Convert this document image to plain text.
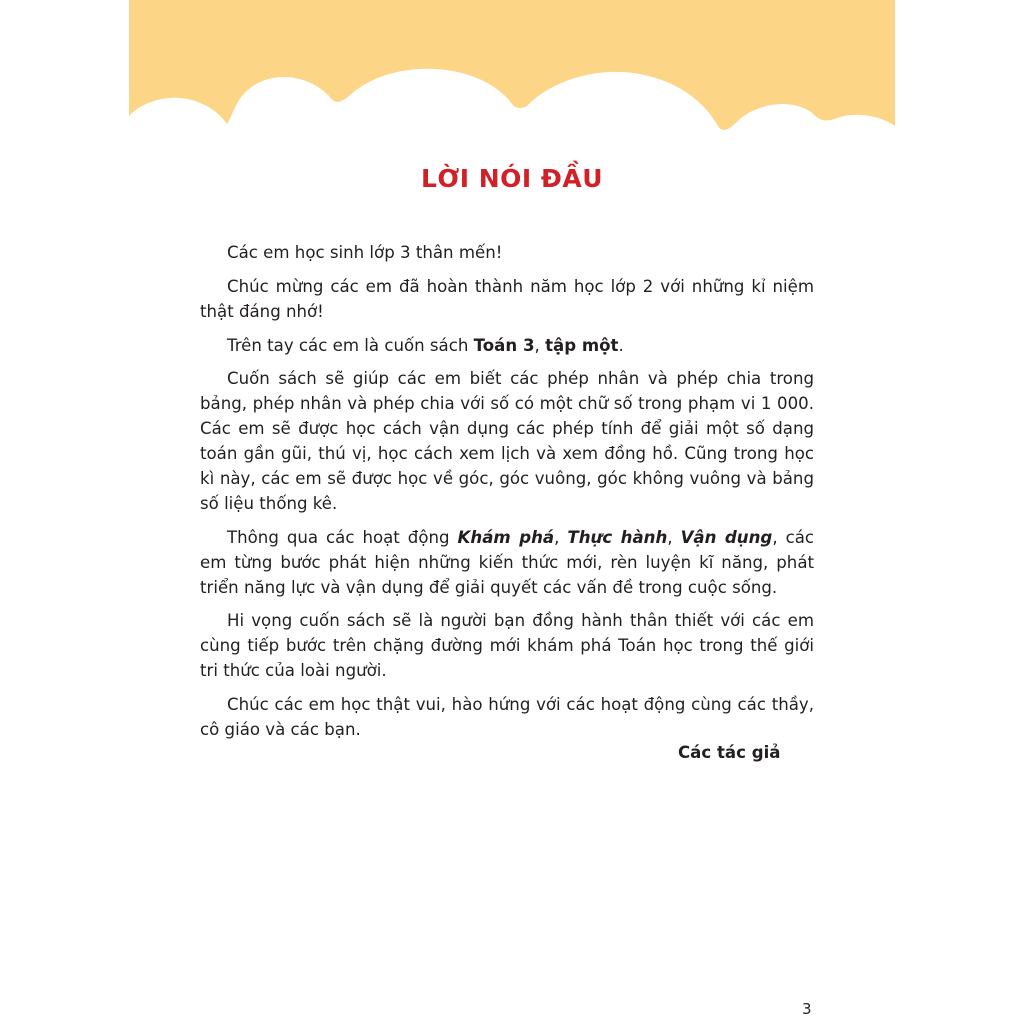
LỜI NÓI ĐẦU

Các em học sinh lớp 3 thân mến!

Chúc mừng các em đã hoàn thành năm học lớp 2 với những kỉ niệm thật đáng nhớ!

Trên tay các em là cuốn sách Toán 3, tập một.

Cuốn sách sẽ giúp các em biết các phép nhân và phép chia trong bảng, phép nhân và phép chia với số có một chữ số trong phạm vi 1 000. Các em sẽ được học cách vận dụng các phép tính để giải một số dạng toán gần gũi, thú vị, học cách xem lịch và xem đồng hồ. Cũng trong học kì này, các em sẽ được học về góc, góc vuông, góc không vuông và bảng số liệu thống kê.

Thông qua các hoạt động Khám phá, Thực hành, Vận dụng, các em từng bước phát hiện những kiến thức mới, rèn luyện kĩ năng, phát triển năng lực và vận dụng để giải quyết các vấn đề trong cuộc sống.

Hi vọng cuốn sách sẽ là người bạn đồng hành thân thiết với các em cùng tiếp bước trên chặng đường mới khám phá Toán học trong thế giới tri thức của loài người.

Chúc các em học thật vui, hào hứng với các hoạt động cùng các thầy, cô giáo và các bạn.

Các tác giả
3
